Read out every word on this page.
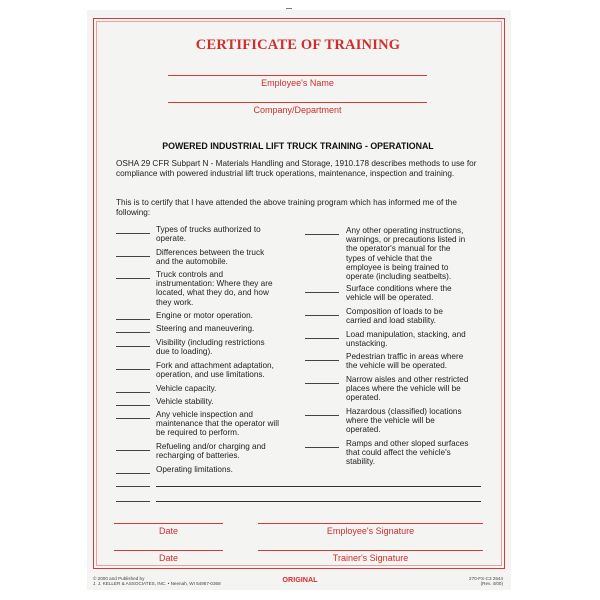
CERTIFICATE OF TRAINING
Employee's Name
Company/Department
POWERED INDUSTRIAL LIFT TRUCK TRAINING - OPERATIONAL
OSHA 29 CFR Subpart N - Materials Handling and Storage, 1910.178 describes methods to use for compliance with powered industrial lift truck operations, maintenance, inspection and training.
This is to certify that I have attended the above training program which has informed me of the following:
Types of trucks authorized to
operate.
Differences between the truck
and the automobile.
Truck controls and
instrumentation: Where they are
located, what they do, and how
they work.
Engine or motor operation.
Steering and maneuvering.
Visibility (including restrictions
due to loading).
Fork and attachment adaptation,
operation, and use limitations.
Vehicle capacity.
Vehicle stability.
Any vehicle inspection and
maintenance that the operator will
be required to perform.
Refueling and/or charging and
recharging of batteries.
Operating limitations.
Any other operating instructions,
warnings, or precautions listed in
the operator's manual for the
types of vehicle that the
employee is being trained to
operate (including seatbelts).
Surface conditions where the
vehicle will be operated.
Composition of loads to be
carried and load stability.
Load manipulation, stacking, and
unstacking.
Pedestrian traffic in areas where
the vehicle will be operated.
Narrow aisles and other restricted
places where the vehicle will be
operated.
Hazardous (classified) locations
where the vehicle will be
operated.
Ramps and other sloped surfaces
that could affect the vehicle's
stability.
Date	Employee's Signature
Date	Trainer's Signature
© 2000 and Published by
J. J. KELLER & ASSOCIATES, INC. • Neenah, WI 54957-0368	ORIGINAL	270-FS-C3 2544
(Rev. 4/00)
